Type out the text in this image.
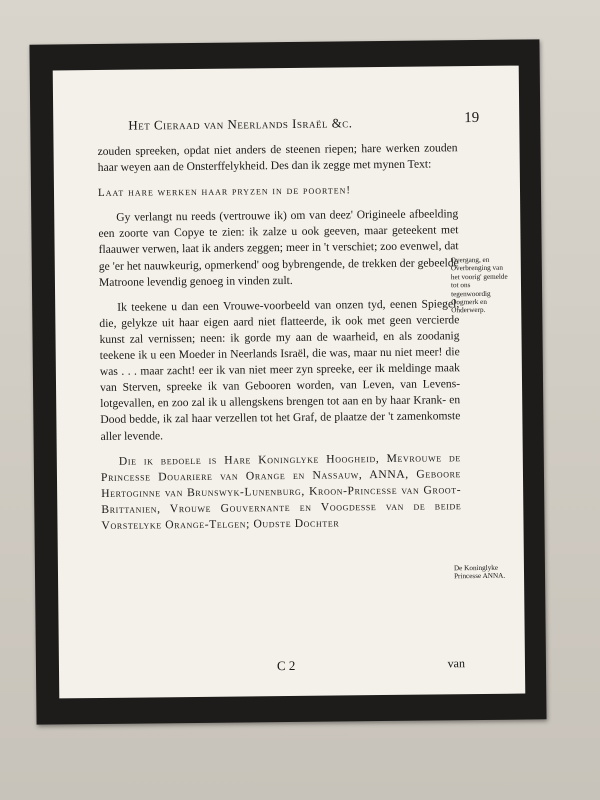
Het Cieraad van Neerlands Israël &c.	19

zouden spreeken, opdat niet anders de steenen riepen; hare werken zouden haar weyen aan de Onsterffelykheid. Des dan ik zegge met mynen Text:

Laat hare werken haar pryzen in de poorten!

Gy verlangt nu reeds (vertrouwe ik) om van deez' Origineele afbeelding een zoorte van Copye te zien: ik zalze u ook geeven, maar geteekent met flaauwer verwen, laat ik anders zeggen; meer in 't verschiet; zoo evenwel, dat ge 'er het nauwkeurig, opmerkend' oog bybrengende, de trekken der gebeelde Matroone levendig genoeg in vinden zult.

Ik teekene u dan een Vrouwe-voorbeeld van onzen tyd, eenen Spiegel, die, gelykze uit haar eigen aard niet flatteerde, ik ook met geen vercierde kunst zal vernissen; neen: ik gorde my aan de waarheid, en als zoodanig teekene ik u een Moeder in Neerlands Israël, die was, maar nu niet meer! die was . . . maar zacht! eer ik van niet meer zyn spreeke, eer ik meldinge maak van Sterven, spreeke ik van Gebooren worden, van Leven, van Levens-lotgevallen, en zoo zal ik u allengskens brengen tot aan en by haar Krank- en Dood bedde, ik zal haar verzellen tot het Graf, de plaatze der 't zamenkomste aller levende.

Die ik bedoele is Hare Koninglyke Hoogheid, Mevrouwe de Princesse Douariere van Orange en Nassauw, ANNA, Geboore Hertoginne van Brunswyk-Lunenburg, Kroon-Princesse van Groot-Brittanien, Vrouwe Gouvernante en Voogdesse van de beide Vorstelyke Orange-Telgen; Oudste Dochter

Overgang, en Overbrenging van het voorig' gemelde tot ons tegenwoordig Oogmerk en Onderwerp.
De Koninglyke Princesse ANNA.
C 2	van
